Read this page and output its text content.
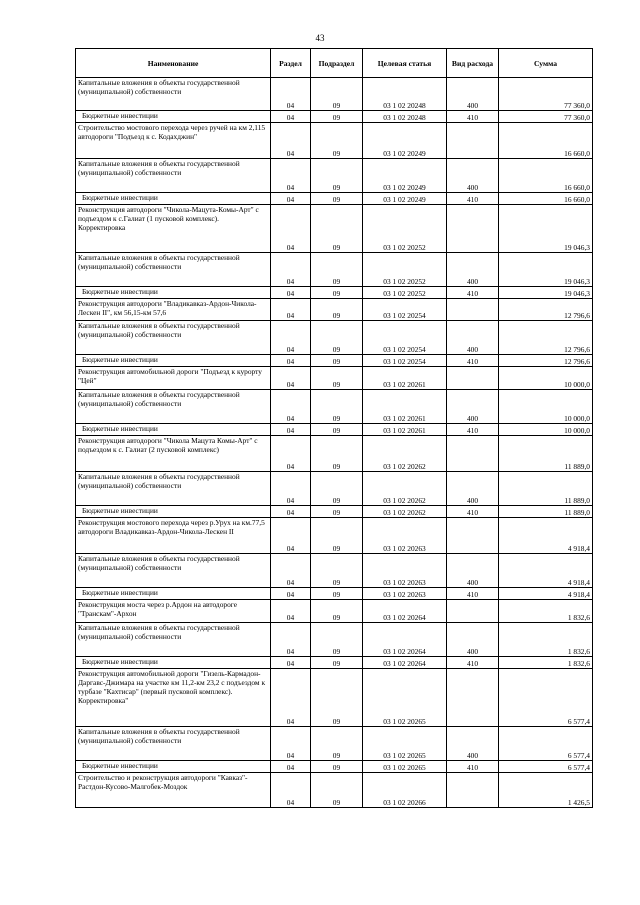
43
Наименование	Раздел	Подраздел	Целевая статья	Вид расхода	Сумма
Капитальные вложения в объекты государственной (муниципальной) собственности	04	09	03 1 02 20248	400	77 360,0
Бюджетные инвестиции	04	09	03 1 02 20248	410	77 360,0
Строительство мостового перехода через ручей на км 2,115 автодороги "Подъезд к с. Кодахджин"	04	09	03 1 02 20249		16 660,0
Капитальные вложения в объекты государственной (муниципальной) собственности	04	09	03 1 02 20249	400	16 660,0
Бюджетные инвестиции	04	09	03 1 02 20249	410	16 660,0
Реконструкция автодороги "Чикола-Мацута-Комы-Арт" с подъездом к с.Галиат (1 пусковой комплекс). Корректировка	04	09	03 1 02 20252		19 046,3
Капитальные вложения в объекты государственной (муниципальной) собственности	04	09	03 1 02 20252	400	19 046,3
Бюджетные инвестиции	04	09	03 1 02 20252	410	19 046,3
Реконструкция автодороги "Владикавказ-Ардон-Чикола-Лескен II", км 56,15-км 57,6	04	09	03 1 02 20254		12 796,6
Капитальные вложения в объекты государственной (муниципальной) собственности	04	09	03 1 02 20254	400	12 796,6
Бюджетные инвестиции	04	09	03 1 02 20254	410	12 796,6
Реконструкция автомобильной дороги "Подъезд к курорту "Цей"	04	09	03 1 02 20261		10 000,0
Капитальные вложения в объекты государственной (муниципальной) собственности	04	09	03 1 02 20261	400	10 000,0
Бюджетные инвестиции	04	09	03 1 02 20261	410	10 000,0
Реконструкция автодороги "Чикола Мацута Комы-Арт" с подъездом к с. Галиат (2 пусковой комплекс)	04	09	03 1 02 20262		11 889,0
Капитальные вложения в объекты государственной (муниципальной) собственности	04	09	03 1 02 20262	400	11 889,0
Бюджетные инвестиции	04	09	03 1 02 20262	410	11 889,0
Реконструкция мостового перехода через р.Урух на км.77,5 автодороги Владикавказ-Ардон-Чикола-Лескен II	04	09	03 1 02 20263		4 918,4
Капитальные вложения в объекты государственной (муниципальной) собственности	04	09	03 1 02 20263	400	4 918,4
Бюджетные инвестиции	04	09	03 1 02 20263	410	4 918,4
Реконструкция моста через р.Ардон на автодороге "Транскам"-Архон	04	09	03 1 02 20264		1 832,6
Капитальные вложения в объекты государственной (муниципальной) собственности	04	09	03 1 02 20264	400	1 832,6
Бюджетные инвестиции	04	09	03 1 02 20264	410	1 832,6
Реконструкция автомобильной дороги "Гизель-Кармадон-Даргавс-Джимара на участке км 11,2-км 23,2 с подъездом к турбазе "Кахтисар" (первый пусковой комплекс). Корректировка"	04	09	03 1 02 20265		6 577,4
Капитальные вложения в объекты государственной (муниципальной) собственности	04	09	03 1 02 20265	400	6 577,4
Бюджетные инвестиции	04	09	03 1 02 20265	410	6 577,4
Строительство и реконструкция автодороги "Кавказ"-Растдон-Кусово-Малгобек-Моздок	04	09	03 1 02 20266		1 426,5
